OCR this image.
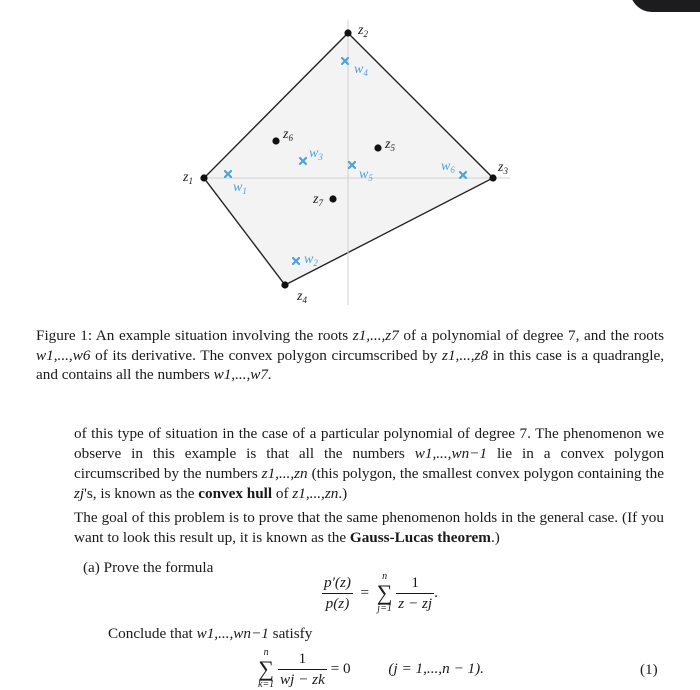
$z_1$
$z_2$
$z_3$
$z_4$
$z_5$
$z_6$
$z_7$
$w_1$
$w_2$
$w_3$
$w_4$
$w_5$
$w_6$
Figure 1: An example situation involving the roots z1,...,z7 of a polynomial of degree 7, and the roots w1,...,w6 of its derivative. The convex polygon circumscribed by z1,...,z8 in this case is a quadrangle, and contains all the numbers w1,...,w7.
of this type of situation in the case of a particular polynomial of degree 7. The phenomenon we observe in this example is that all the numbers w1,...,wn−1 lie in a convex polygon circumscribed by the numbers z1,...,zn (this polygon, the smallest convex polygon containing the zj's, is known as the convex hull of z1,...,zn.)
The goal of this problem is to prove that the same phenomenon holds in the general case. (If you want to look this result up, it is known as the Gauss-Lucas theorem.)
(a) Prove the formula
$\frac{p'(z)}{p(z)}$ =
n
∑
j=1
$\frac{1}{z - zj}$ .
Conclude that w1,...,wn−1 satisfy
n
∑
k=1
$\frac{1}{wj - zk} = 0$ (j = 1,...,n − 1).	(1)
